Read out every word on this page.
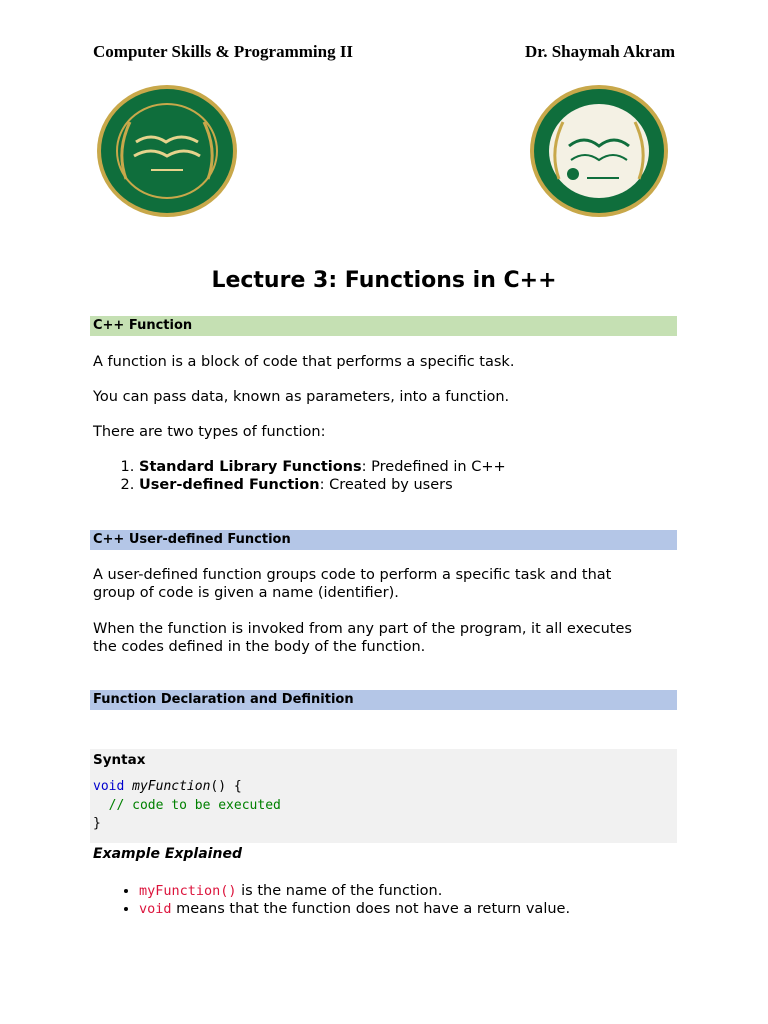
Computer Skills & Programming II	Dr. Shaymah Akram
Lecture 3: Functions in C++
C++ Function
A function is a block of code that performs a specific task.
You can pass data, known as parameters, into a function.
There are two types of function:
1. Standard Library Functions: Predefined in C++
2. User-defined Function: Created by users
C++ User-defined Function
A user-defined function groups code to perform a specific task and that
group of code is given a name (identifier).
When the function is invoked from any part of the program, it all executes
the codes defined in the body of the function.
Function Declaration and Definition
Syntax
void myFunction() {
// code to be executed
}
Example Explained
• myFunction() is the name of the function.
• void means that the function does not have a return value.
